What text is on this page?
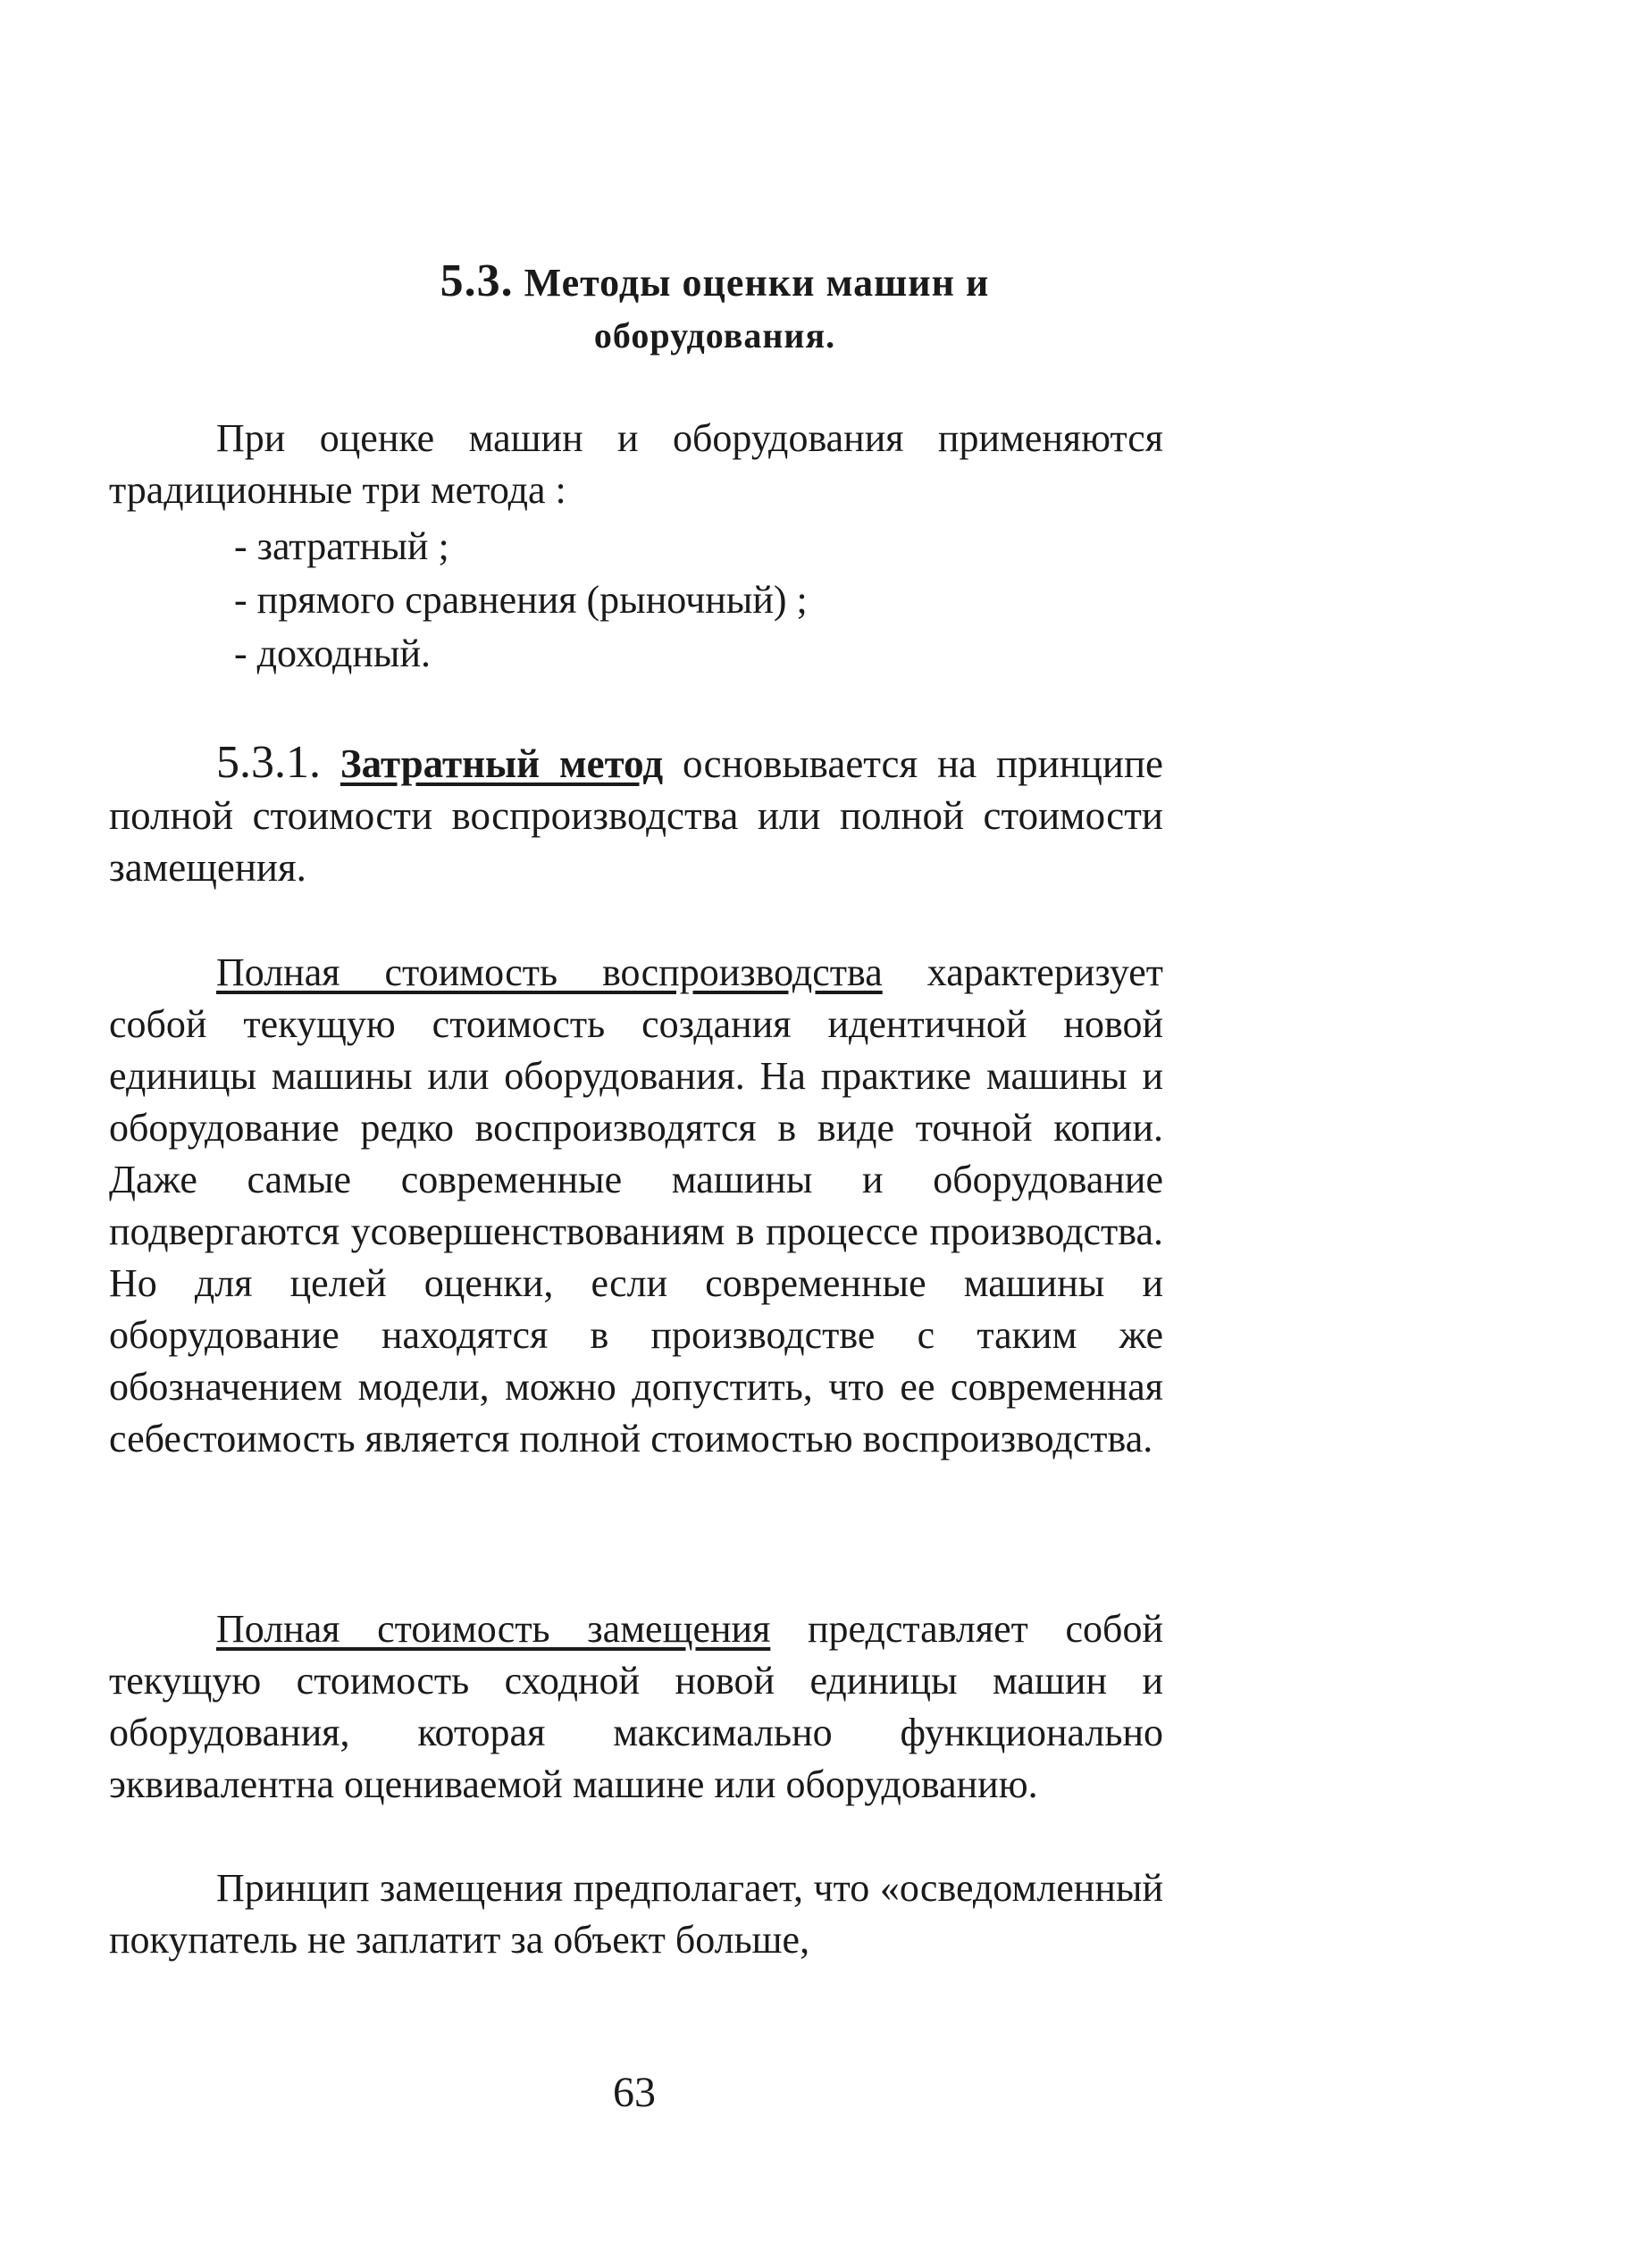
5.3. Методы оценки машин и
оборудования.
При оценке машин и оборудования применяются традиционные три метода :
- затратный ;
- прямого сравнения (рыночный) ;
- доходный.
5.3.1. Затратный метод основывается на принципе полной стоимости воспроизводства или полной стоимости замещения.
Полная стоимость воспроизводства характеризует собой текущую стоимость создания идентичной новой единицы машины или оборудования. На практике машины и оборудование редко воспроизводятся в виде точной копии. Даже самые современные машины и оборудование подвергаются усовершенствованиям в процессе производства. Но для целей оценки, если современные машины и оборудование находятся в производстве с таким же обозначением модели, можно допустить, что ее современная себестоимость является полной стоимостью воспроизводства.
Полная стоимость замещения представляет собой текущую стоимость сходной новой единицы машин и оборудования, которая максимально функционально эквивалентна оцениваемой машине или оборудованию.
Принцип замещения предполагает, что «осведомленный покупатель не заплатит за объект больше,
63
